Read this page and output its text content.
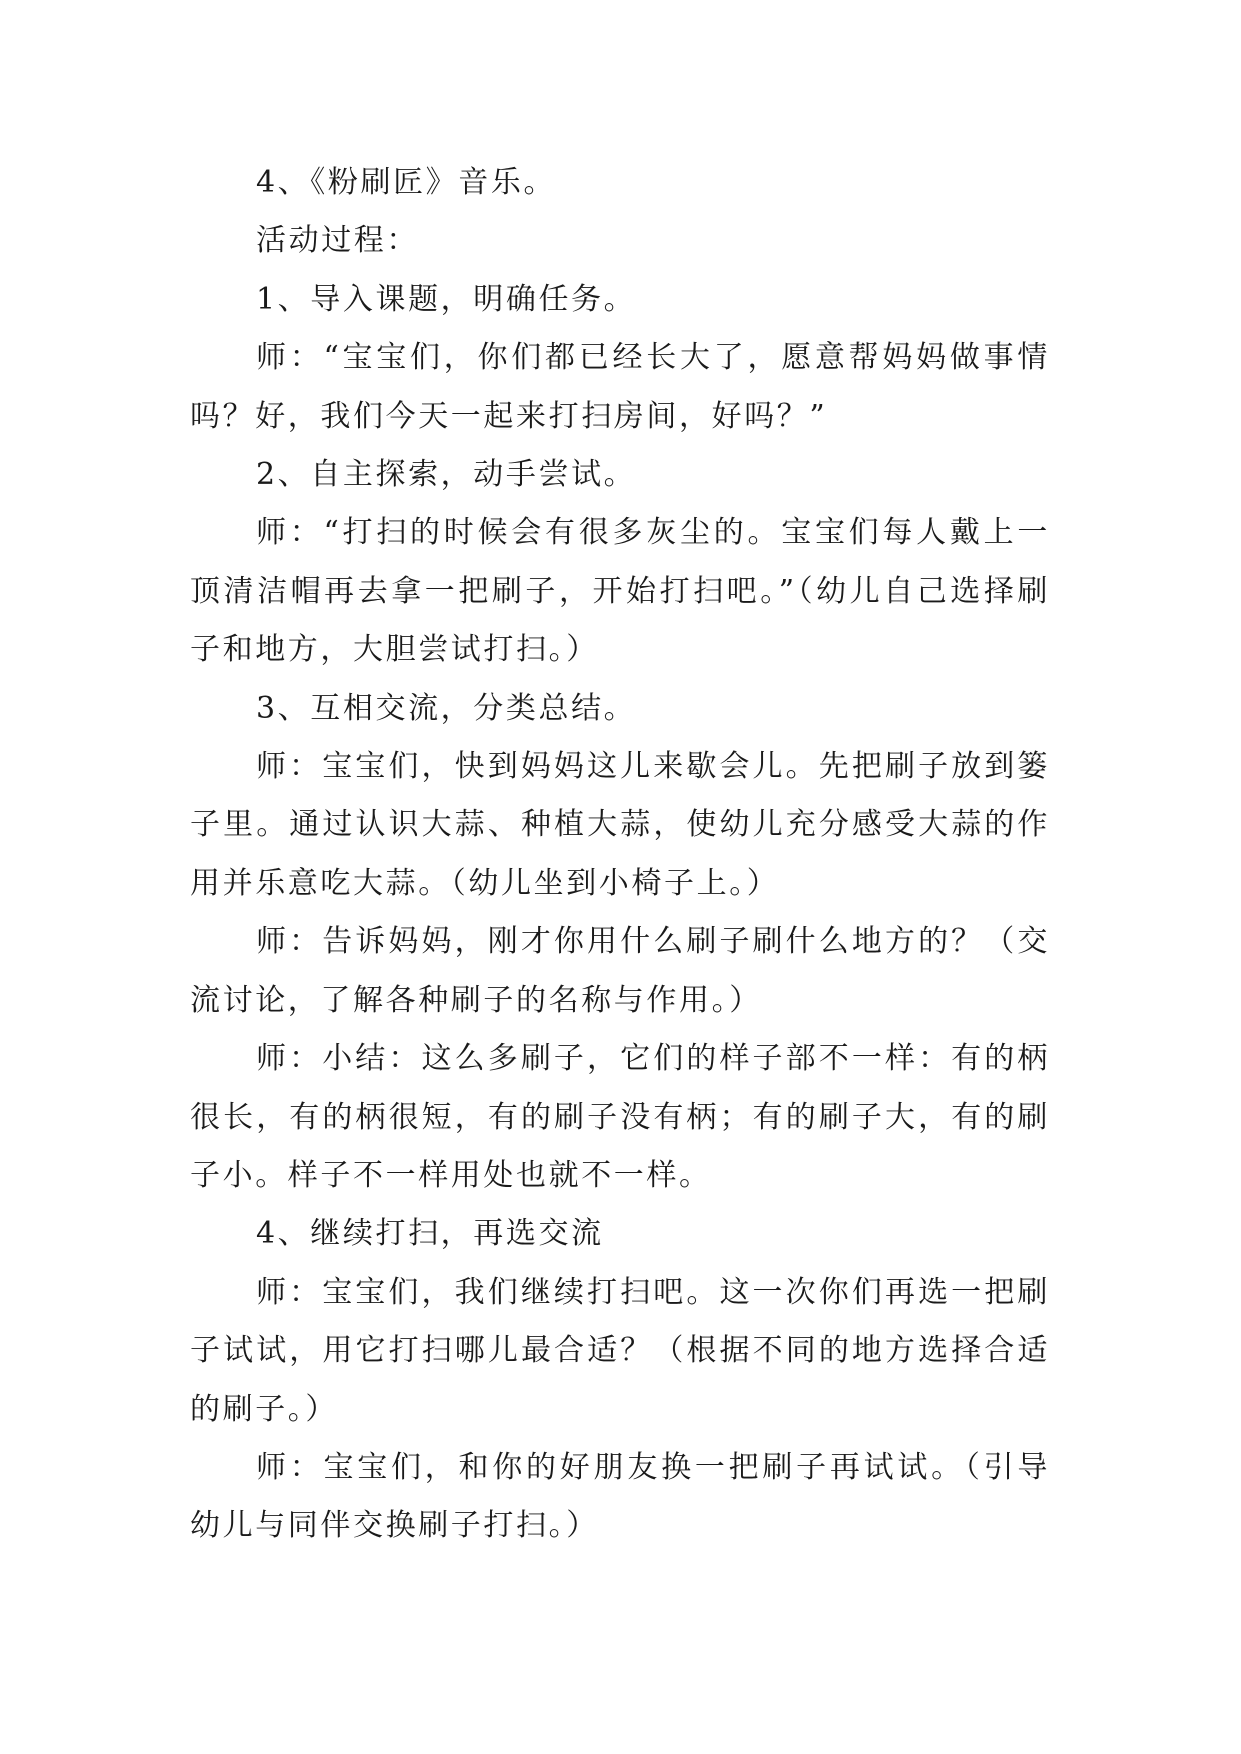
4、《粉刷匠》音乐。

活动过程：

1、导入课题，明确任务。

师：“宝宝们，你们都已经长大了，愿意帮妈妈做事情吗？好，我们今天一起来打扫房间，好吗？”

2、自主探索，动手尝试。

师：“打扫的时候会有很多灰尘的。宝宝们每人戴上一顶清洁帽再去拿一把刷子，开始打扫吧。”（幼儿自己选择刷子和地方，大胆尝试打扫。）

3、互相交流，分类总结。

师：宝宝们，快到妈妈这儿来歇会儿。先把刷子放到篓子里。通过认识大蒜、种植大蒜，使幼儿充分感受大蒜的作用并乐意吃大蒜。（幼儿坐到小椅子上。）

师：告诉妈妈，刚才你用什么刷子刷什么地方的？（交流讨论，了解各种刷子的名称与作用。）

师：小结：这么多刷子，它们的样子部不一样：有的柄很长，有的柄很短，有的刷子没有柄；有的刷子大，有的刷子小。样子不一样用处也就不一样。

4、继续打扫，再选交流

师：宝宝们，我们继续打扫吧。这一次你们再选一把刷子试试，用它打扫哪儿最合适？（根据不同的地方选择合适的刷子。）

师：宝宝们，和你的好朋友换一把刷子再试试。（引导幼儿与同伴交换刷子打扫。）
